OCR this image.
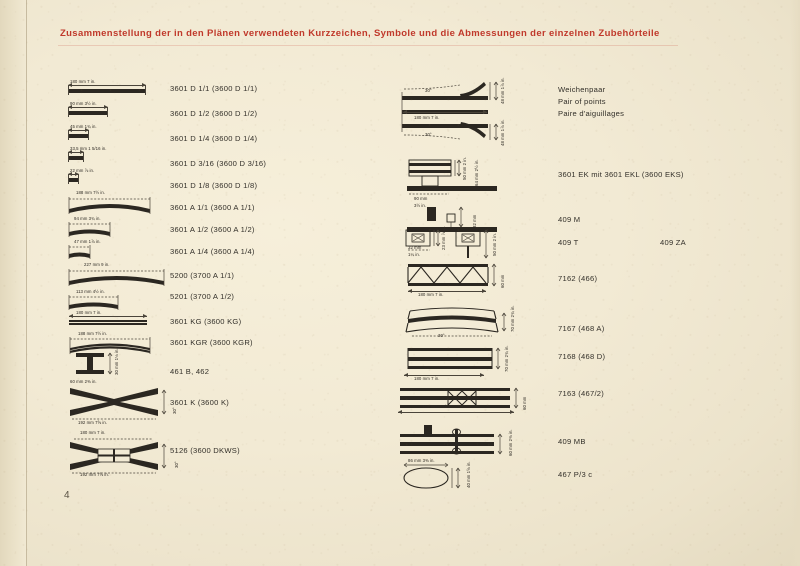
Zusammenstellung der in den Plänen verwendeten Kurzzeichen, Symbole und die Abmessungen der einzelnen Zubehörteile
180 mm 7 in.
90 mm 3½ in.
45 mm 1¾ in.
33,5 mm 1 5/16 in.
22 mm ⅞ in.
188 mm 7½ in.
94 mm 3¾ in.
47 mm 1⅞ in.
227 mm 9 in.
113 mm 4½ in.
180 mm 7 in.
188 mm 7½ in.
30 mm 1⅛ in.
60 mm 2⅜ in.
30°
192 mm 7⅝ in.
180 mm 7 in.
30°
192 mm 7⅝ in.
3601 D 1/1 (3600 D 1/1)
3601 D 1/2 (3600 D 1/2)
3601 D 1/4 (3600 D 1/4)
3601 D 3/16 (3600 D 3/16)
3601 D 1/8 (3600 D 1/8)
3601 A 1/1 (3600 A 1/1)
3601 A 1/2 (3600 A 1/2)
3601 A 1/4 (3600 A 1/4)
5200 (3700 A 1/1)
5201 (3700 A 1/2)
3601 KG (3600 KG)
3601 KGR (3600 KGR)
461 B, 462
3601 K (3600 K)
5126 (3600 DKWS)
30°
180 mm 7 in.
30°
48 mm 1⅞ in.
48 mm 1⅞ in.
50 mm 2 in. 64 mm 2½ in.
90 mm
3½ in.
32 mm
23 mm ⅞ in.	50 mm 2 in.
32 mm
1¼ in.
60 mm
180 mm 7 in.
30°
70 mm 2¾ in.
70 mm 2¾ in.
180 mm 7 in.
60 mm
360 mm 14 in.
60 mm 2⅜ in.
86 mm 3⅜ in.
40 mm 1⅝ in.
Weichenpaar
Pair of points
Paire d'aiguillages
3601 EK mit 3601 EKL (3600 EKS)
409 M
409 T	409 ZA
7162 (466)
7167 (468 A)
7168 (468 D)
7163 (467/2)
409 MB
467 P/3 c
4
